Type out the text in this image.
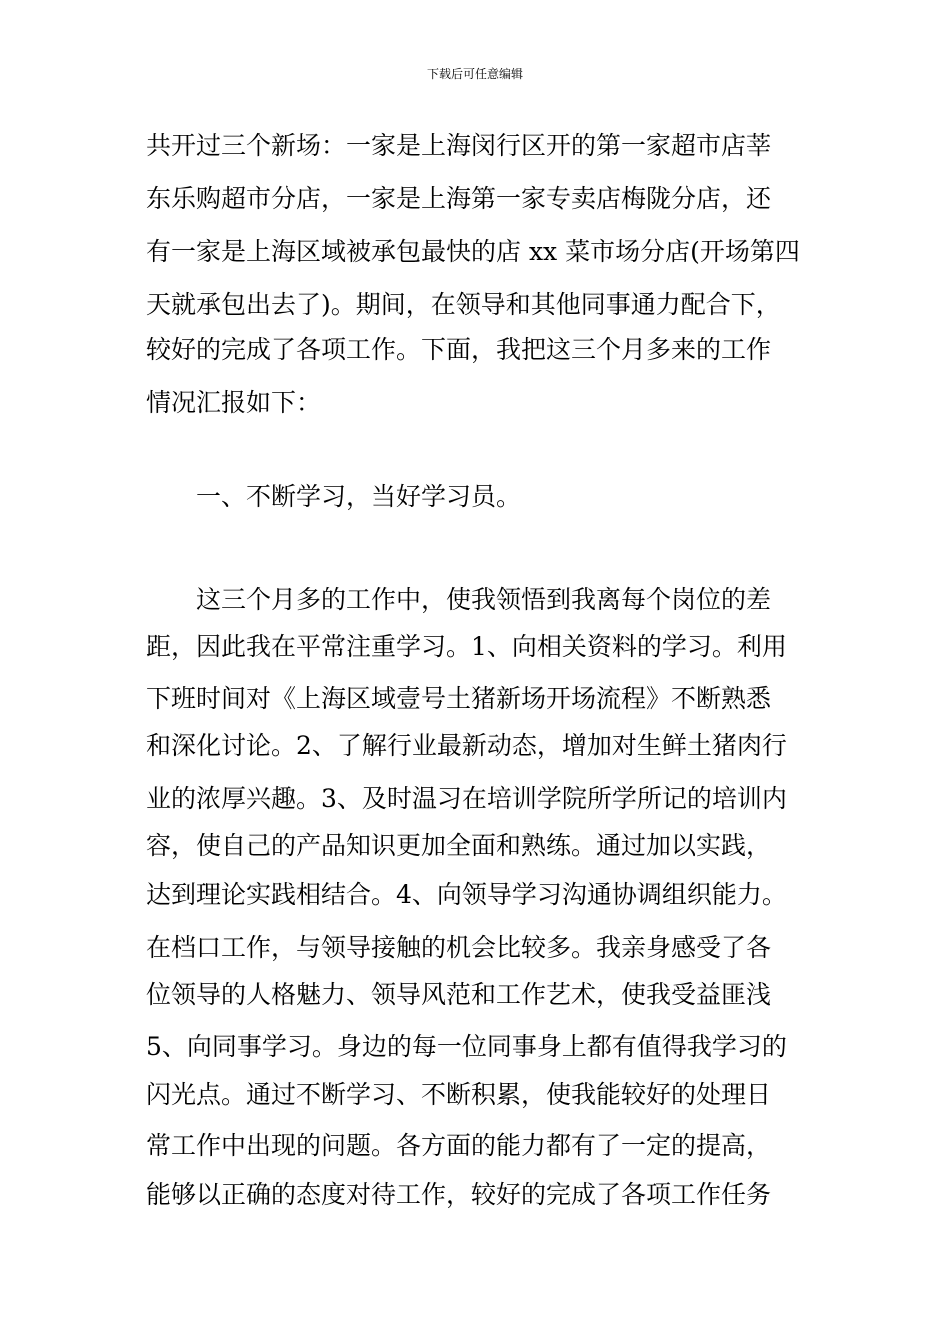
下载后可任意编辑
共开过三个新场：一家是上海闵行区开的第一家超市店莘
东乐购超市分店，一家是上海第一家专卖店梅陇分店，还
有一家是上海区域被承包最快的店 xx 菜市场分店(开场第四
天就承包出去了)。期间，在领导和其他同事通力配合下，
较好的完成了各项工作。下面，我把这三个月多来的工作
情况汇报如下：
　　一、不断学习，当好学习员。
　　这三个月多的工作中，使我领悟到我离每个岗位的差
距，因此我在平常注重学习。1、向相关资料的学习。利用
下班时间对《上海区域壹号土猪新场开场流程》不断熟悉
和深化讨论。2、了解行业最新动态，增加对生鲜土猪肉行
业的浓厚兴趣。3、及时温习在培训学院所学所记的培训内
容，使自己的产品知识更加全面和熟练。通过加以实践，
达到理论实践相结合。4、向领导学习沟通协调组织能力。
在档口工作，与领导接触的机会比较多。我亲身感受了各
位领导的人格魅力、领导风范和工作艺术，使我受益匪浅
5、向同事学习。身边的每一位同事身上都有值得我学习的
闪光点。通过不断学习、不断积累，使我能较好的处理日
常工作中出现的问题。各方面的能力都有了一定的提高，
能够以正确的态度对待工作，较好的完成了各项工作任务
